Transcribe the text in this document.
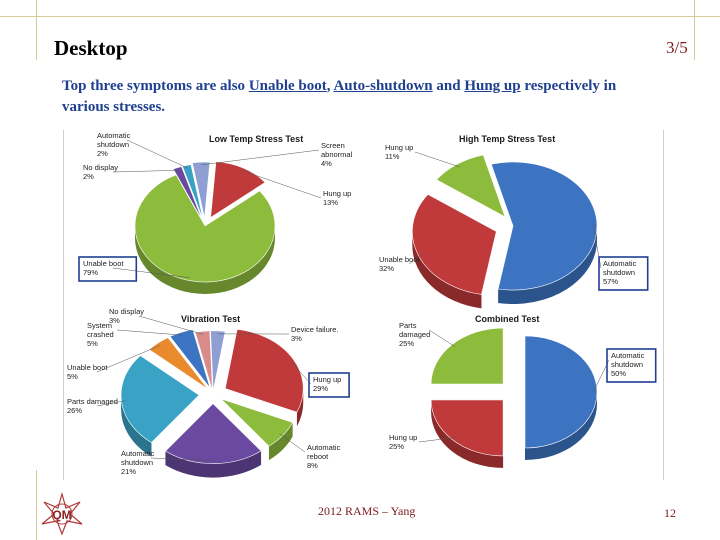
Desktop	3/5
Top three symptoms are also Unable boot, Auto-shutdown and Hung up respectively in various stresses.
Low Temp Stress Test
Screen abnormal 4%
Hung up 13%
Unable boot 79%
No display 2%
Automatic shutdown 2%
High Temp Stress Test
Automatic shutdown 57%
Unable boot 32%
Hung up 11%
Vibration Test
Device failure. 3%
Hung up 29%
Automatic reboot 8%
Automatic shutdown 21%
Parts damaged 26%
Unable boot 5%
System crashed 5%
No display 3%	Combined Test
Automatic shutdown 50%
Hung up 25%
Parts damaged 25%
QM	2012 RAMS – Yang	12
